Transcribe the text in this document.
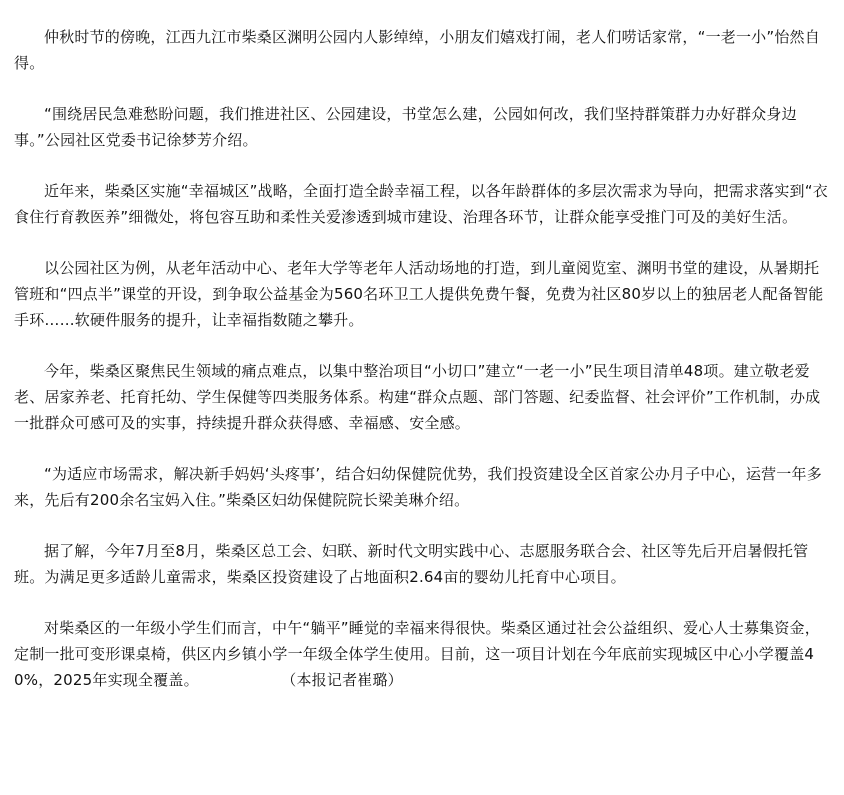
仲秋时节的傍晚，江西九江市柴桑区渊明公园内人影绰绰，小朋友们嬉戏打闹，老人们唠话家常，“一老一小”怡然自得。

“围绕居民急难愁盼问题，我们推进社区、公园建设，书堂怎么建，公园如何改，我们坚持群策群力办好群众身边事。”公园社区党委书记徐梦芳介绍。

近年来，柴桑区实施“幸福城区”战略，全面打造全龄幸福工程，以各年龄群体的多层次需求为导向，把需求落实到“衣食住行育教医养”细微处，将包容互助和柔性关爱渗透到城市建设、治理各环节，让群众能享受推门可及的美好生活。

以公园社区为例，从老年活动中心、老年大学等老年人活动场地的打造，到儿童阅览室、渊明书堂的建设，从暑期托管班和“四点半”课堂的开设，到争取公益基金为560名环卫工人提供免费午餐，免费为社区80岁以上的独居老人配备智能手环……软硬件服务的提升，让幸福指数随之攀升。

今年，柴桑区聚焦民生领域的痛点难点，以集中整治项目“小切口”建立“一老一小”民生项目清单48项。建立敬老爱老、居家养老、托育托幼、学生保健等四类服务体系。构建“群众点题、部门答题、纪委监督、社会评价”工作机制，办成一批群众可感可及的实事，持续提升群众获得感、幸福感、安全感。

“为适应市场需求，解决新手妈妈‘头疼事’，结合妇幼保健院优势，我们投资建设全区首家公办月子中心，运营一年多来，先后有200余名宝妈入住。”柴桑区妇幼保健院院长梁美琳介绍。

据了解，今年7月至8月，柴桑区总工会、妇联、新时代文明实践中心、志愿服务联合会、社区等先后开启暑假托管班。为满足更多适龄儿童需求，柴桑区投资建设了占地面积2.64亩的婴幼儿托育中心项目。

对柴桑区的一年级小学生们而言，中午“躺平”睡觉的幸福来得很快。柴桑区通过社会公益组织、爱心人士募集资金，定制一批可变形课桌椅，供区内乡镇小学一年级全体学生使用。目前，这一项目计划在今年底前实现城区中心小学覆盖40%，2025年实现全覆盖。	（本报记者崔璐）
